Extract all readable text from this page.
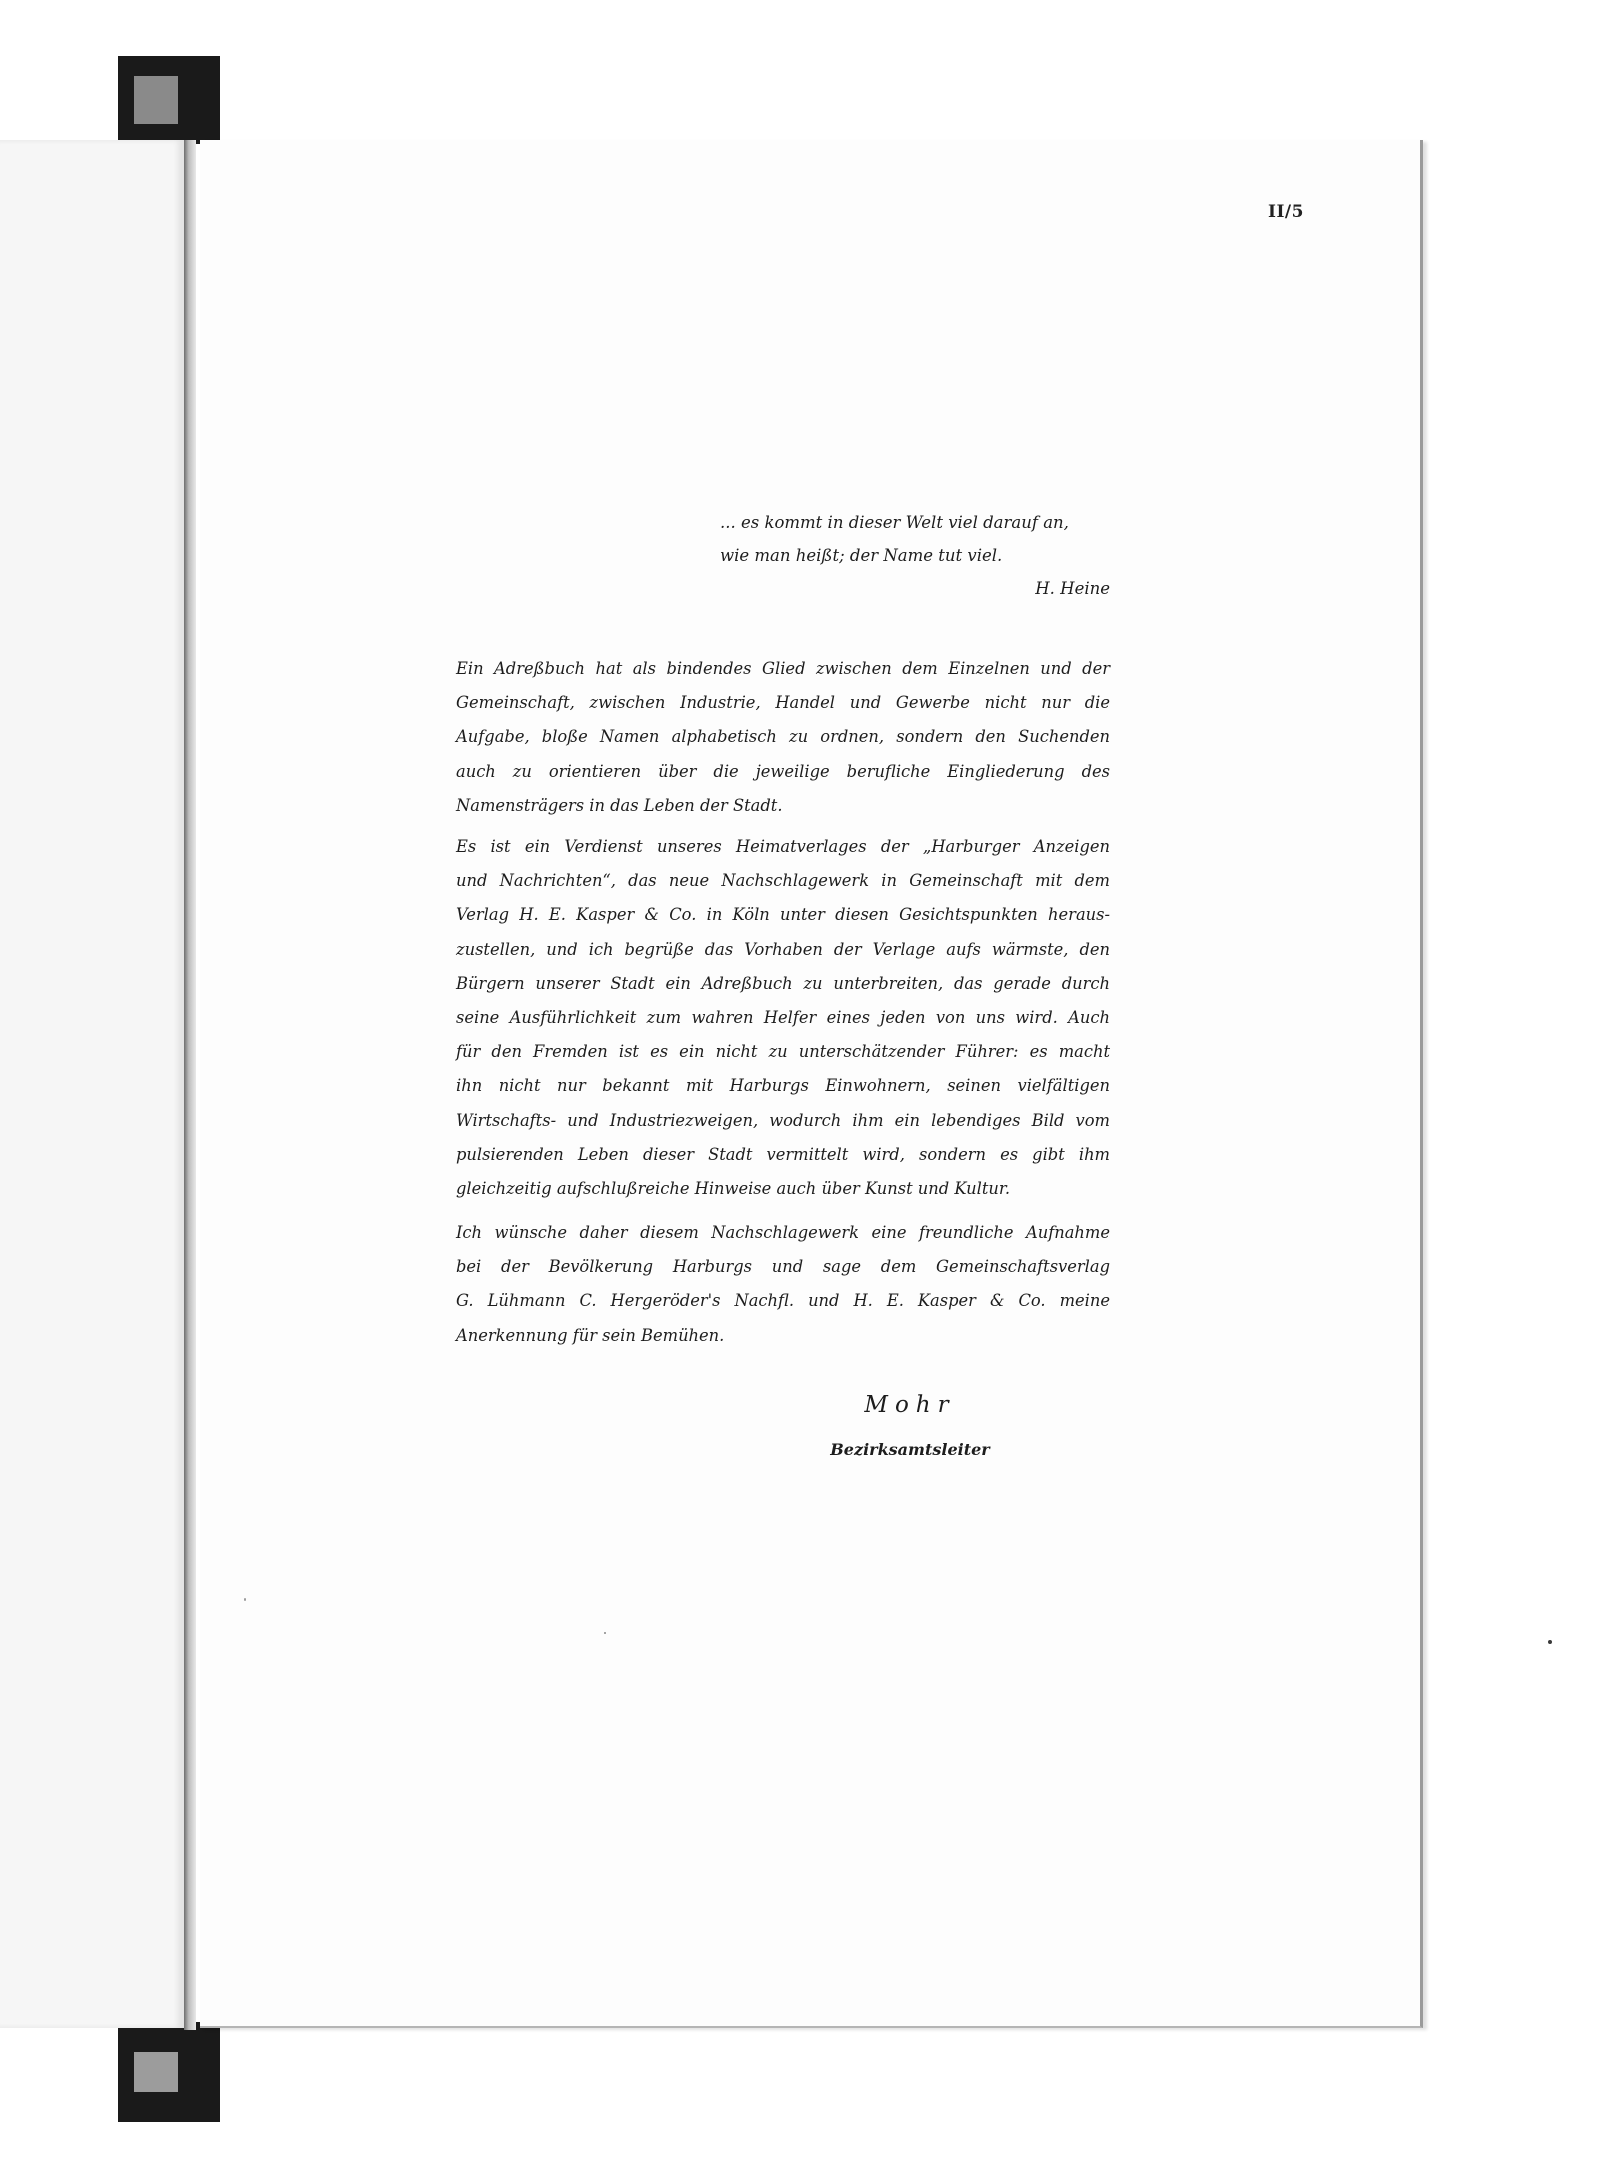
II/5
... es kommt in dieser Welt viel darauf an,
wie man heißt; der Name tut viel.
H. Heine
Ein Adreßbuch hat als bindendes Glied zwischen dem Einzelnen und der
Gemeinschaft, zwischen Industrie, Handel und Gewerbe nicht nur die
Aufgabe, bloße Namen alphabetisch zu ordnen, sondern den Suchenden
auch zu orientieren über die jeweilige berufliche Eingliederung des
Namensträgers in das Leben der Stadt.
Es ist ein Verdienst unseres Heimatverlages der „Harburger Anzeigen
und Nachrichten“, das neue Nachschlagewerk in Gemeinschaft mit dem
Verlag H. E. Kasper & Co. in Köln unter diesen Gesichtspunkten heraus-
zustellen, und ich begrüße das Vorhaben der Verlage aufs wärmste, den
Bürgern unserer Stadt ein Adreßbuch zu unterbreiten, das gerade durch
seine Ausführlichkeit zum wahren Helfer eines jeden von uns wird. Auch
für den Fremden ist es ein nicht zu unterschätzender Führer: es macht
ihn nicht nur bekannt mit Harburgs Einwohnern, seinen vielfältigen
Wirtschafts- und Industriezweigen, wodurch ihm ein lebendiges Bild vom
pulsierenden Leben dieser Stadt vermittelt wird, sondern es gibt ihm
gleichzeitig aufschlußreiche Hinweise auch über Kunst und Kultur.
Ich wünsche daher diesem Nachschlagewerk eine freundliche Aufnahme
bei der Bevölkerung Harburgs und sage dem Gemeinschaftsverlag
G. Lühmann C. Hergeröder's Nachfl. und H. E. Kasper & Co. meine
Anerkennung für sein Bemühen.
Mohr
Bezirksamtsleiter
